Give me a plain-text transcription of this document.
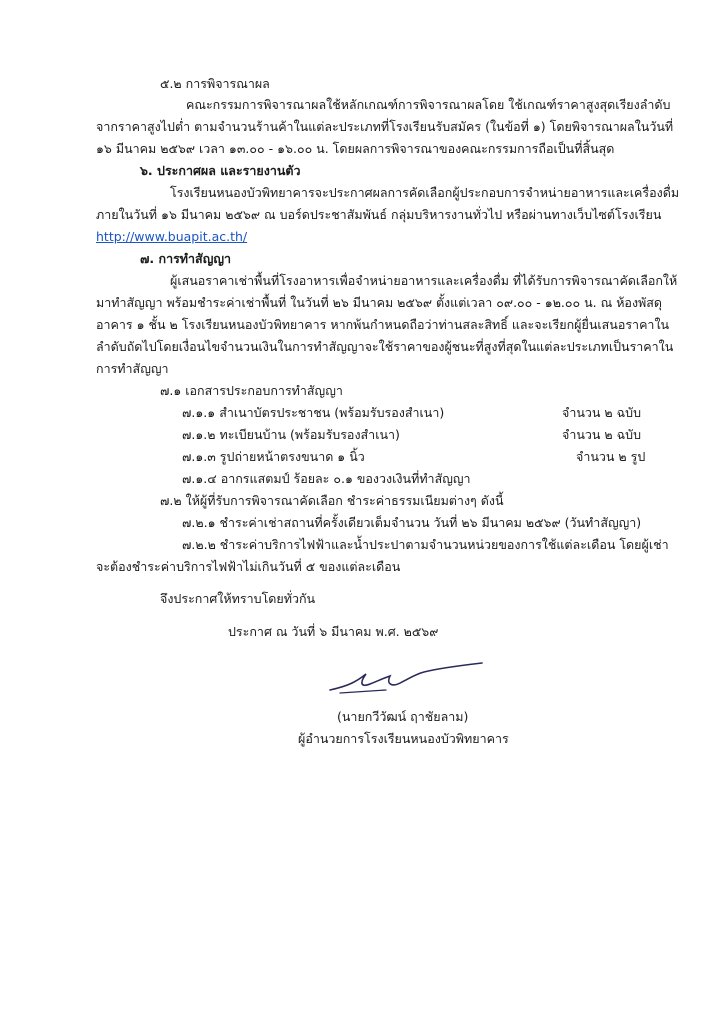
๕.๒ การพิจารณาผล
คณะกรรมการพิจารณาผลใช้หลักเกณฑ์การพิจารณาผลโดย ใช้เกณฑ์ราคาสูงสุดเรียงลำดับ
จากราคาสูงไปต่ำ ตามจำนวนร้านค้าในแต่ละประเภทที่โรงเรียนรับสมัคร (ในข้อที่ ๑) โดยพิจารณาผลในวันที่
๑๖ มีนาคม ๒๕๖๙ เวลา ๑๓.๐๐ - ๑๖.๐๐ น. โดยผลการพิจารณาของคณะกรรมการถือเป็นที่สิ้นสุด
๖. ประกาศผล และรายงานตัว
โรงเรียนหนองบัวพิทยาคารจะประกาศผลการคัดเลือกผู้ประกอบการจำหน่ายอาหารและเครื่องดื่ม
ภายในวันที่ ๑๖ มีนาคม ๒๕๖๙ ณ บอร์ดประชาสัมพันธ์ กลุ่มบริหารงานทั่วไป หรือผ่านทางเว็บไซต์โรงเรียน
http://www.buapit.ac.th/
๗. การทำสัญญา
ผู้เสนอราคาเช่าพื้นที่โรงอาหารเพื่อจำหน่ายอาหารและเครื่องดื่ม ที่ได้รับการพิจารณาคัดเลือกให้
มาทำสัญญา พร้อมชำระค่าเช่าพื้นที่ ในวันที่ ๒๖ มีนาคม ๒๕๖๙ ตั้งแต่เวลา ๐๙.๐๐ - ๑๒.๐๐ น. ณ ห้องพัสดุ
อาคาร ๑ ชั้น ๒ โรงเรียนหนองบัวพิทยาคาร หากพ้นกำหนดถือว่าท่านสละสิทธิ์ และจะเรียกผู้ยื่นเสนอราคาใน
ลำดับถัดไปโดยเงื่อนไขจำนวนเงินในการทำสัญญาจะใช้ราคาของผู้ชนะที่สูงที่สุดในแต่ละประเภทเป็นราคาใน
การทำสัญญา
๗.๑ เอกสารประกอบการทำสัญญา
๗.๑.๑ สำเนาบัตรประชาชน (พร้อมรับรองสำเนา)	จำนวน ๒ ฉบับ
๗.๑.๒ ทะเบียนบ้าน (พร้อมรับรองสำเนา)	จำนวน ๒ ฉบับ
๗.๑.๓ รูปถ่ายหน้าตรงขนาด ๑ นิ้ว	จำนวน ๒ รูป
๗.๑.๔ อากรแสตมป์ ร้อยละ ๐.๑ ของวงเงินที่ทำสัญญา
๗.๒ ให้ผู้ที่รับการพิจารณาคัดเลือก ชำระค่าธรรมเนียมต่างๆ ดังนี้
๗.๒.๑ ชำระค่าเช่าสถานที่ครั้งเดียวเต็มจำนวน วันที่ ๒๖ มีนาคม ๒๕๖๙ (วันทำสัญญา)
๗.๒.๒ ชำระค่าบริการไฟฟ้าและน้ำประปาตามจำนวนหน่วยของการใช้แต่ละเดือน โดยผู้เช่า
จะต้องชำระค่าบริการไฟฟ้าไม่เกินวันที่ ๕ ของแต่ละเดือน
จึงประกาศให้ทราบโดยทั่วกัน
ประกาศ ณ วันที่ ๖ มีนาคม พ.ศ. ๒๕๖๙
(นายกวีวัฒน์ ฤาชัยลาม)
ผู้อำนวยการโรงเรียนหนองบัวพิทยาคาร
